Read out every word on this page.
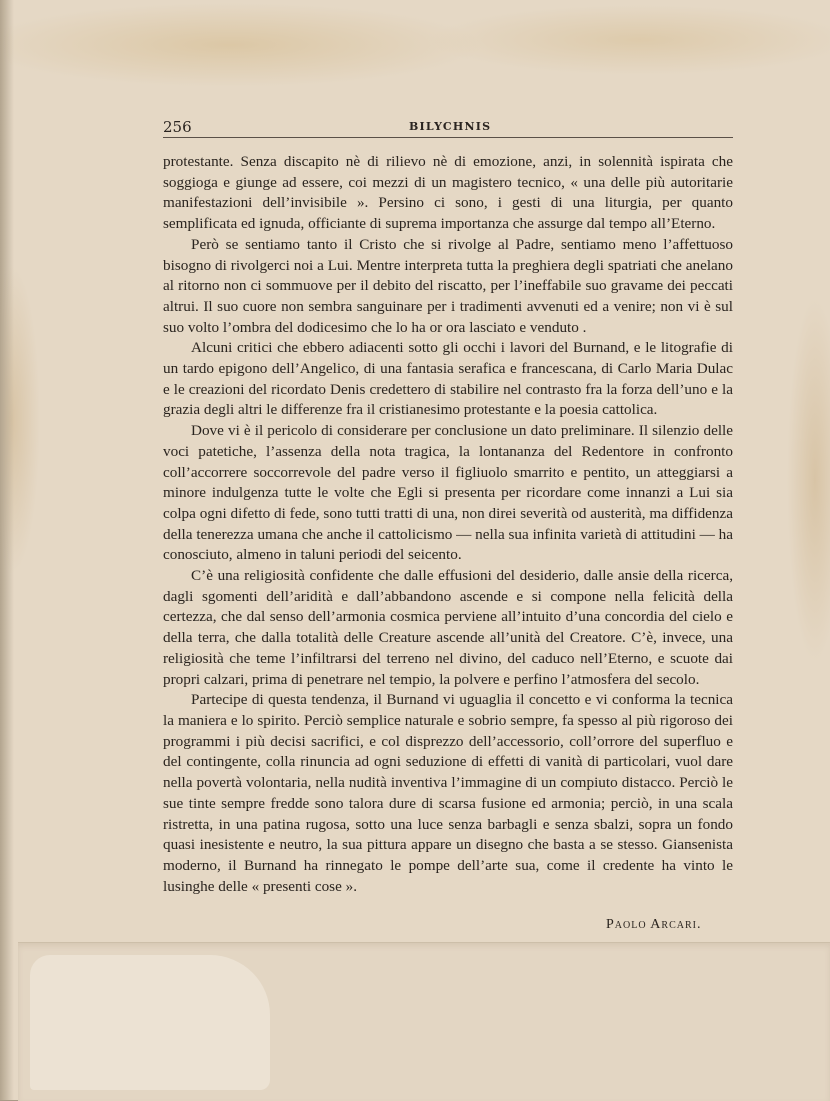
256	BILYCHNIS

protestante. Senza discapito nè di rilievo nè di emozione, anzi, in solennità ispirata che soggioga e giunge ad essere, coi mezzi di un magistero tecnico, « una delle più autoritarie manifestazioni dell’invisibile ». Persino ci sono, i gesti di una liturgia, per quanto semplificata ed ignuda, officiante di suprema importanza che assurge dal tempo all’Eterno.

Però se sentiamo tanto il Cristo che si rivolge al Padre, sentiamo meno l’affettuoso bisogno di rivolgerci noi a Lui. Mentre interpreta tutta la preghiera degli spatriati che anelano al ritorno non ci sommuove per il debito del riscatto, per l’ineffabile suo gravame dei peccati altrui. Il suo cuore non sembra sanguinare per i tradimenti avvenuti ed a venire; non vi è sul suo volto l’ombra del dodicesimo che lo ha or ora lasciato e venduto .

Alcuni critici che ebbero adiacenti sotto gli occhi i lavori del Burnand, e le litografie di un tardo epigono dell’Angelico, di una fantasia serafica e francescana, di Carlo Maria Dulac e le creazioni del ricordato Denis credettero di stabilire nel contrasto fra la forza dell’uno e la grazia degli altri le differenze fra il cristianesimo protestante e la poesia cattolica.

Dove vi è il pericolo di considerare per conclusione un dato preliminare. Il silenzio delle voci patetiche, l’assenza della nota tragica, la lontananza del Redentore in confronto coll’accorrere soccorrevole del padre verso il figliuolo smarrito e pentito, un atteggiarsi a minore indulgenza tutte le volte che Egli si presenta per ricordare come innanzi a Lui sia colpa ogni difetto di fede, sono tutti tratti di una, non direi severità od austerità, ma diffidenza della tenerezza umana che anche il cattolicismo — nella sua infinita varietà di attitudini — ha conosciuto, almeno in taluni periodi del seicento.

C’è una religiosità confidente che dalle effusioni del desiderio, dalle ansie della ricerca, dagli sgomenti dell’aridità e dall’abbandono ascende e si compone nella felicità della certezza, che dal senso dell’armonia cosmica perviene all’intuito d’una concordia del cielo e della terra, che dalla totalità delle Creature ascende all’unità del Creatore. C’è, invece, una religiosità che teme l’infiltrarsi del terreno nel divino, del caduco nell’Eterno, e scuote dai propri calzari, prima di penetrare nel tempio, la polvere e perfino l’atmosfera del secolo.

Partecipe di questa tendenza, il Burnand vi uguaglia il concetto e vi conforma la tecnica la maniera e lo spirito. Perciò semplice naturale e sobrio sempre, fa spesso al più rigoroso dei programmi i più decisi sacrifici, e col disprezzo dell’accessorio, coll’orrore del superfluo e del contingente, colla rinuncia ad ogni seduzione di effetti di vanità di particolari, vuol dare nella povertà volontaria, nella nudità inventiva l’immagine di un compiuto distacco. Perciò le sue tinte sempre fredde sono talora dure di scarsa fusione ed armonia; perciò, in una scala ristretta, in una patina rugosa, sotto una luce senza barbagli e senza sbalzi, sopra un fondo quasi inesistente e neutro, la sua pittura appare un disegno che basta a se stesso. Giansenista moderno, il Burnand ha rinnegato le pompe dell’arte sua, come il credente ha vinto le lusinghe delle « presenti cose ».

Paolo Arcari.
